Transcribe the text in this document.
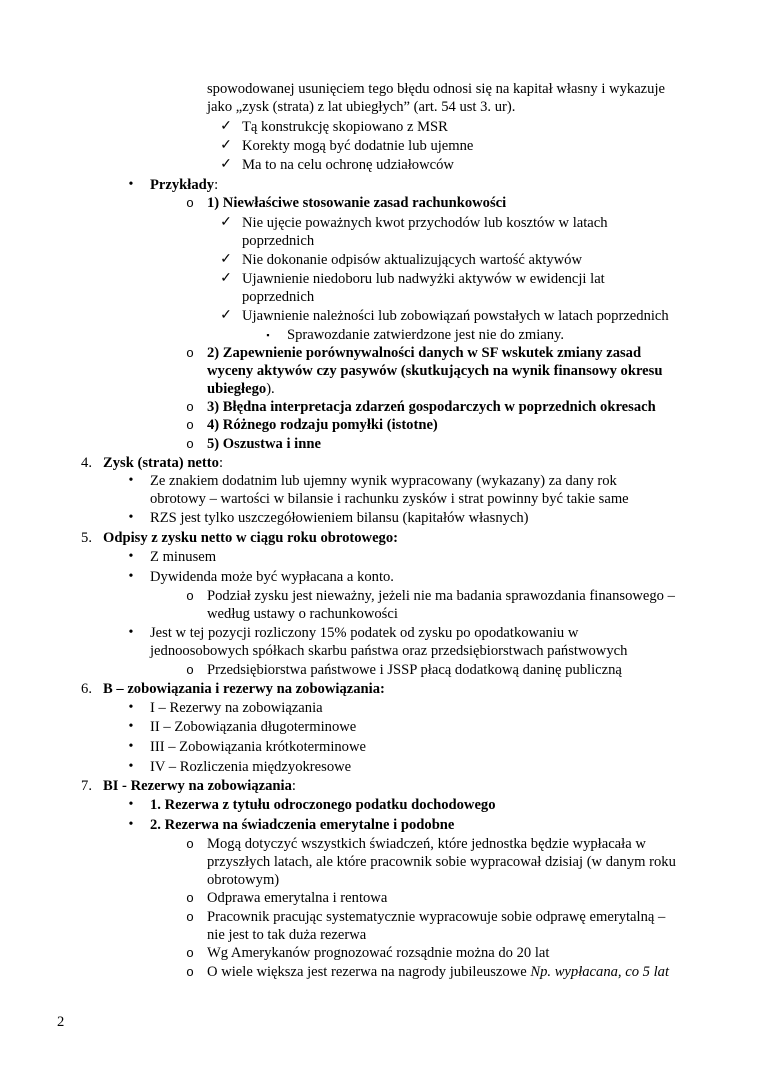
spowodowanej usunięciem tego błędu odnosi się na kapitał własny i wykazuje
jako „zysk (strata) z lat ubiegłych” (art. 54 ust 3. ur).
✓ Tą konstrukcję skopiowano z MSR
✓ Korekty mogą być dodatnie lub ujemne
✓ Ma to na celu ochronę udziałowców
• Przykłady:
o 1) Niewłaściwe stosowanie zasad rachunkowości
✓ Nie ujęcie poważnych kwot przychodów lub kosztów w latach
poprzednich
✓ Nie dokonanie odpisów aktualizujących wartość aktywów
✓ Ujawnienie niedoboru lub nadwyżki aktywów w ewidencji lat
poprzednich
✓ Ujawnienie należności lub zobowiązań powstałych w latach poprzednich
▪ Sprawozdanie zatwierdzone jest nie do zmiany.
o 2) Zapewnienie porównywalności danych w SF wskutek zmiany zasad
wyceny aktywów czy pasywów (skutkujących na wynik finansowy okresu
ubiegłego).
o 3) Błędna interpretacja zdarzeń gospodarczych w poprzednich okresach
o 4) Różnego rodzaju pomyłki (istotne)
o 5) Oszustwa i inne
4. Zysk (strata) netto:
• Ze znakiem dodatnim lub ujemny wynik wypracowany (wykazany) za dany rok
obrotowy – wartości w bilansie i rachunku zysków i strat powinny być takie same
• RZS jest tylko uszczegółowieniem bilansu (kapitałów własnych)
5. Odpisy z zysku netto w ciągu roku obrotowego:
• Z minusem
• Dywidenda może być wypłacana a konto.
o Podział zysku jest nieważny, jeżeli nie ma badania sprawozdania finansowego –
według ustawy o rachunkowości
• Jest w tej pozycji rozliczony 15% podatek od zysku po opodatkowaniu w
jednoosobowych spółkach skarbu państwa oraz przedsiębiorstwach państwowych
o Przedsiębiorstwa państwowe i JSSP płacą dodatkową daninę publiczną
6. B – zobowiązania i rezerwy na zobowiązania:
• I – Rezerwy na zobowiązania
• II – Zobowiązania długoterminowe
• III – Zobowiązania krótkoterminowe
• IV – Rozliczenia międzyokresowe
7. BI - Rezerwy na zobowiązania:
• 1. Rezerwa z tytułu odroczonego podatku dochodowego
• 2. Rezerwa na świadczenia emerytalne i podobne
o Mogą dotyczyć wszystkich świadczeń, które jednostka będzie wypłacała w
przyszłych latach, ale które pracownik sobie wypracował dzisiaj (w danym roku
obrotowym)
o Odprawa emerytalna i rentowa
o Pracownik pracując systematycznie wypracowuje sobie odprawę emerytalną –
nie jest to tak duża rezerwa
o Wg Amerykanów prognozować rozsądnie można do 20 lat
o O wiele większa jest rezerwa na nagrody jubileuszowe Np. wypłacana, co 5 lat
2
